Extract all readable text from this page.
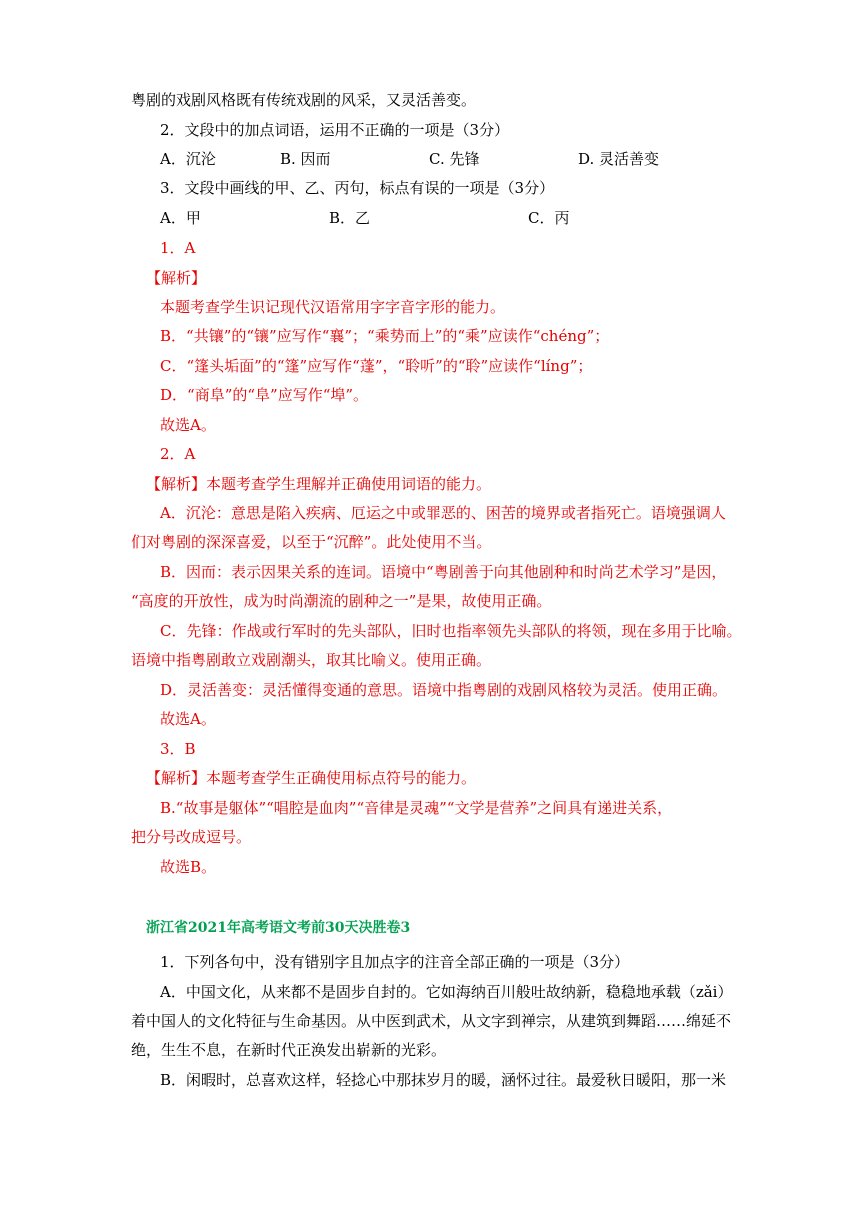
粤剧的戏剧风格既有传统戏剧的风采，又灵活善变。
2．文段中的加点词语，运用不正确的一项是（3分）
A．沉沦	B. 因而	C. 先锋	D. 灵活善变
3．文段中画线的甲、乙、丙句，标点有误的一项是（3分）
A．甲	B．乙	C．丙
1．A
【解析】
本题考查学生识记现代汉语常用字字音字形的能力。
B．“共镶”的“镶”应写作“襄”；“乘势而上”的“乘”应读作“chéng”；
C．“篷头垢面”的“篷”应写作“蓬”，“聆听”的“聆”应读作“líng”；
D．“商阜”的“阜”应写作“埠”。
故选A。
2．A
【解析】本题考查学生理解并正确使用词语的能力。
A．沉沦：意思是陷入疾病、厄运之中或罪恶的、困苦的境界或者指死亡。语境强调人
们对粤剧的深深喜爱，以至于“沉醉”。此处使用不当。
B．因而：表示因果关系的连词。语境中“粤剧善于向其他剧种和时尚艺术学习”是因，
“高度的开放性，成为时尚潮流的剧种之一”是果，故使用正确。
C．先锋：作战或行军时的先头部队，旧时也指率领先头部队的将领，现在多用于比喻。
语境中指粤剧敢立戏剧潮头，取其比喻义。使用正确。
D．灵活善变：灵活懂得变通的意思。语境中指粤剧的戏剧风格较为灵活。使用正确。
故选A。
3．B
【解析】本题考查学生正确使用标点符号的能力。
B.“故事是躯体”“唱腔是血肉”“音律是灵魂”“文学是营养”之间具有递进关系，
把分号改成逗号。
故选B。
浙江省2021年高考语文考前30天决胜卷3
1．下列各句中，没有错别字且加点字的注音全部正确的一项是（3分）
A．中国文化，从来都不是固步自封的。它如海纳百川般吐故纳新，稳稳地承载（zǎi）
着中国人的文化特征与生命基因。从中医到武术，从文字到禅宗，从建筑到舞蹈……绵延不
绝，生生不息，在新时代正涣发出崭新的光彩。
B．闲暇时，总喜欢这样，轻捻心中那抹岁月的暖，涵怀过往。最爱秋日暖阳，那一米
